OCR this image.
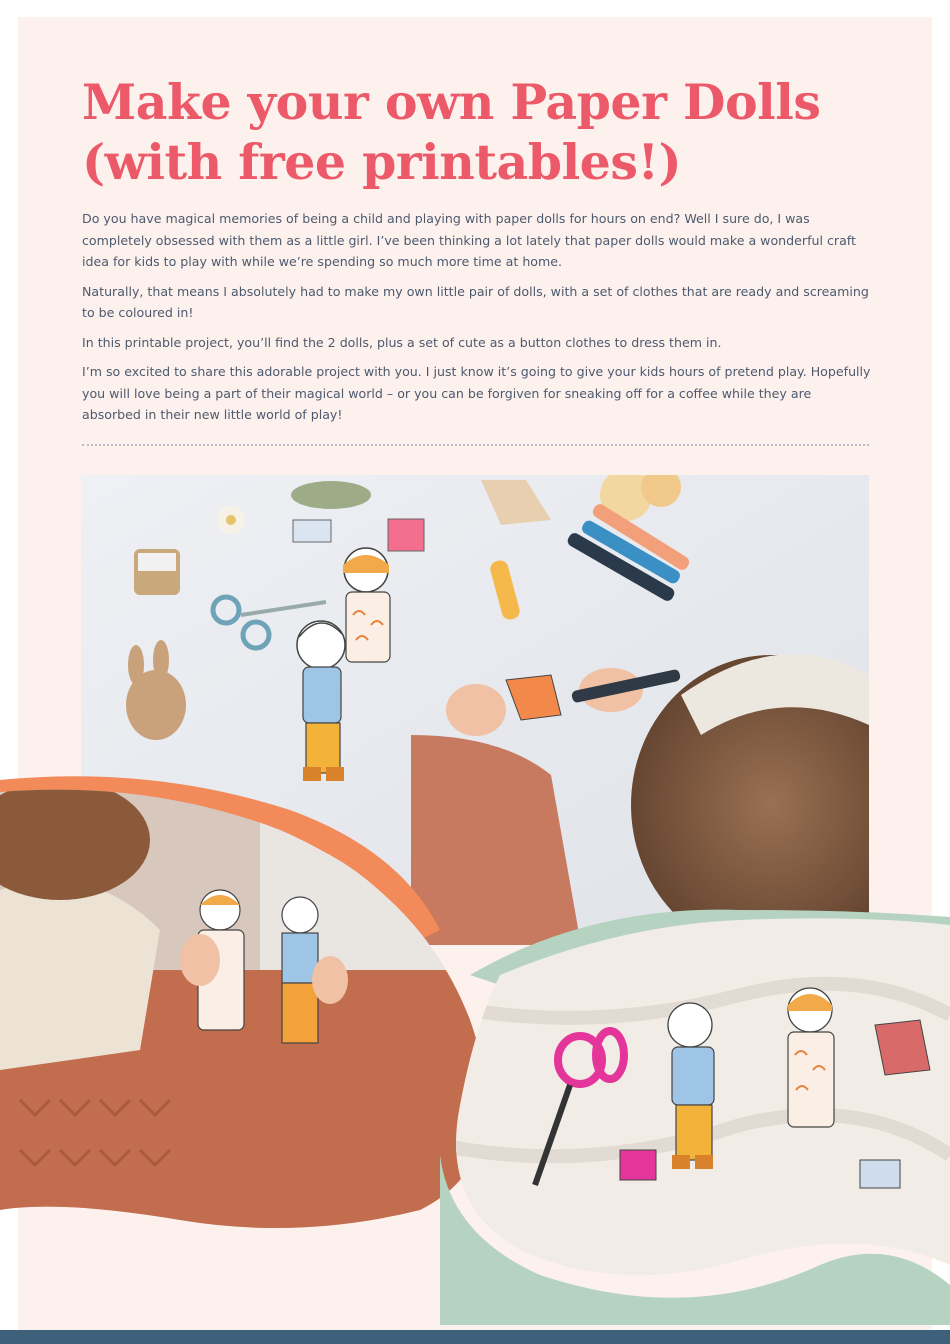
Make your own Paper Dolls
(with free printables!)

Do you have magical memories of being a child and playing with paper dolls for hours on end? Well I sure do, I was completely obsessed with them as a little girl. I’ve been thinking a lot lately that paper dolls would make a wonderful craft idea for kids to play with while we’re spending so much more time at home.

Naturally, that means I absolutely had to make my own little pair of dolls, with a set of clothes that are ready and screaming to be coloured in!

In this printable project, you’ll find the 2 dolls, plus a set of cute as a button clothes to dress them in.

I’m so excited to share this adorable project with you. I just know it’s going to give your kids hours of pretend play. Hopefully you will love being a part of their magical world – or you can be forgiven for sneaking off for a coffee while they are absorbed in their new little world of play!
